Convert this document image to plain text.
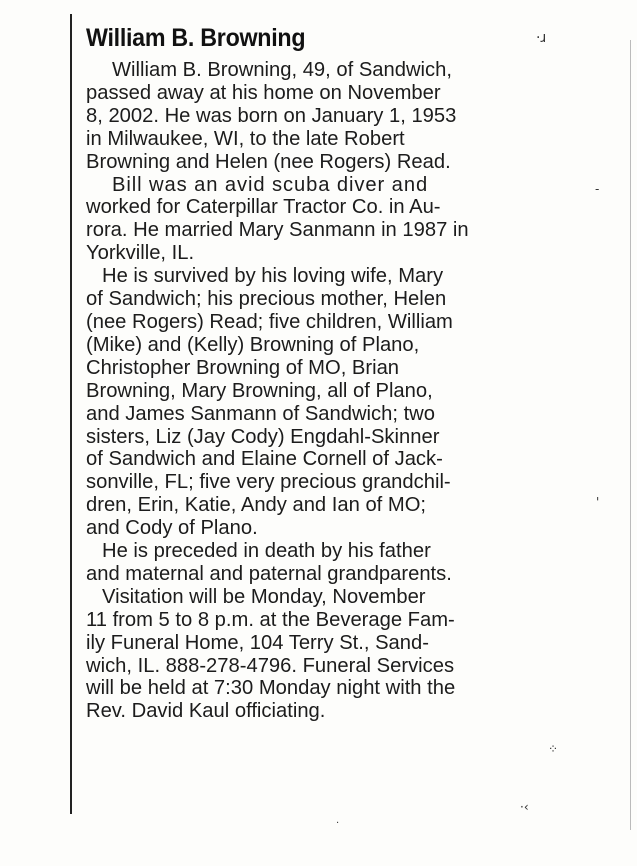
·ɹ
-
'
⁘
·‹
·
William B. Browning

William B. Browning, 49, of Sandwich,
passed away at his home on November
8, 2002. He was born on January 1, 1953
in Milwaukee, WI, to the late Robert
Browning and Helen (nee Rogers) Read.

Bill was an avid scuba diver and
worked for Caterpillar Tractor Co. in Au-
rora. He married Mary Sanmann in 1987 in
Yorkville, IL.

He is survived by his loving wife, Mary
of Sandwich; his precious mother, Helen
(nee Rogers) Read; five children, William
(Mike) and (Kelly) Browning of Plano,
Christopher Browning of MO, Brian
Browning, Mary Browning, all of Plano,
and James Sanmann of Sandwich; two
sisters, Liz (Jay Cody) Engdahl-Skinner
of Sandwich and Elaine Cornell of Jack-
sonville, FL; five very precious grandchil-
dren, Erin, Katie, Andy and Ian of MO;
and Cody of Plano.

He is preceded in death by his father
and maternal and paternal grandparents.

Visitation will be Monday, November
11 from 5 to 8 p.m. at the Beverage Fam-
ily Funeral Home, 104 Terry St., Sand-
wich, IL. 888-278-4796. Funeral Services
will be held at 7:30 Monday night with the
Rev. David Kaul officiating.
